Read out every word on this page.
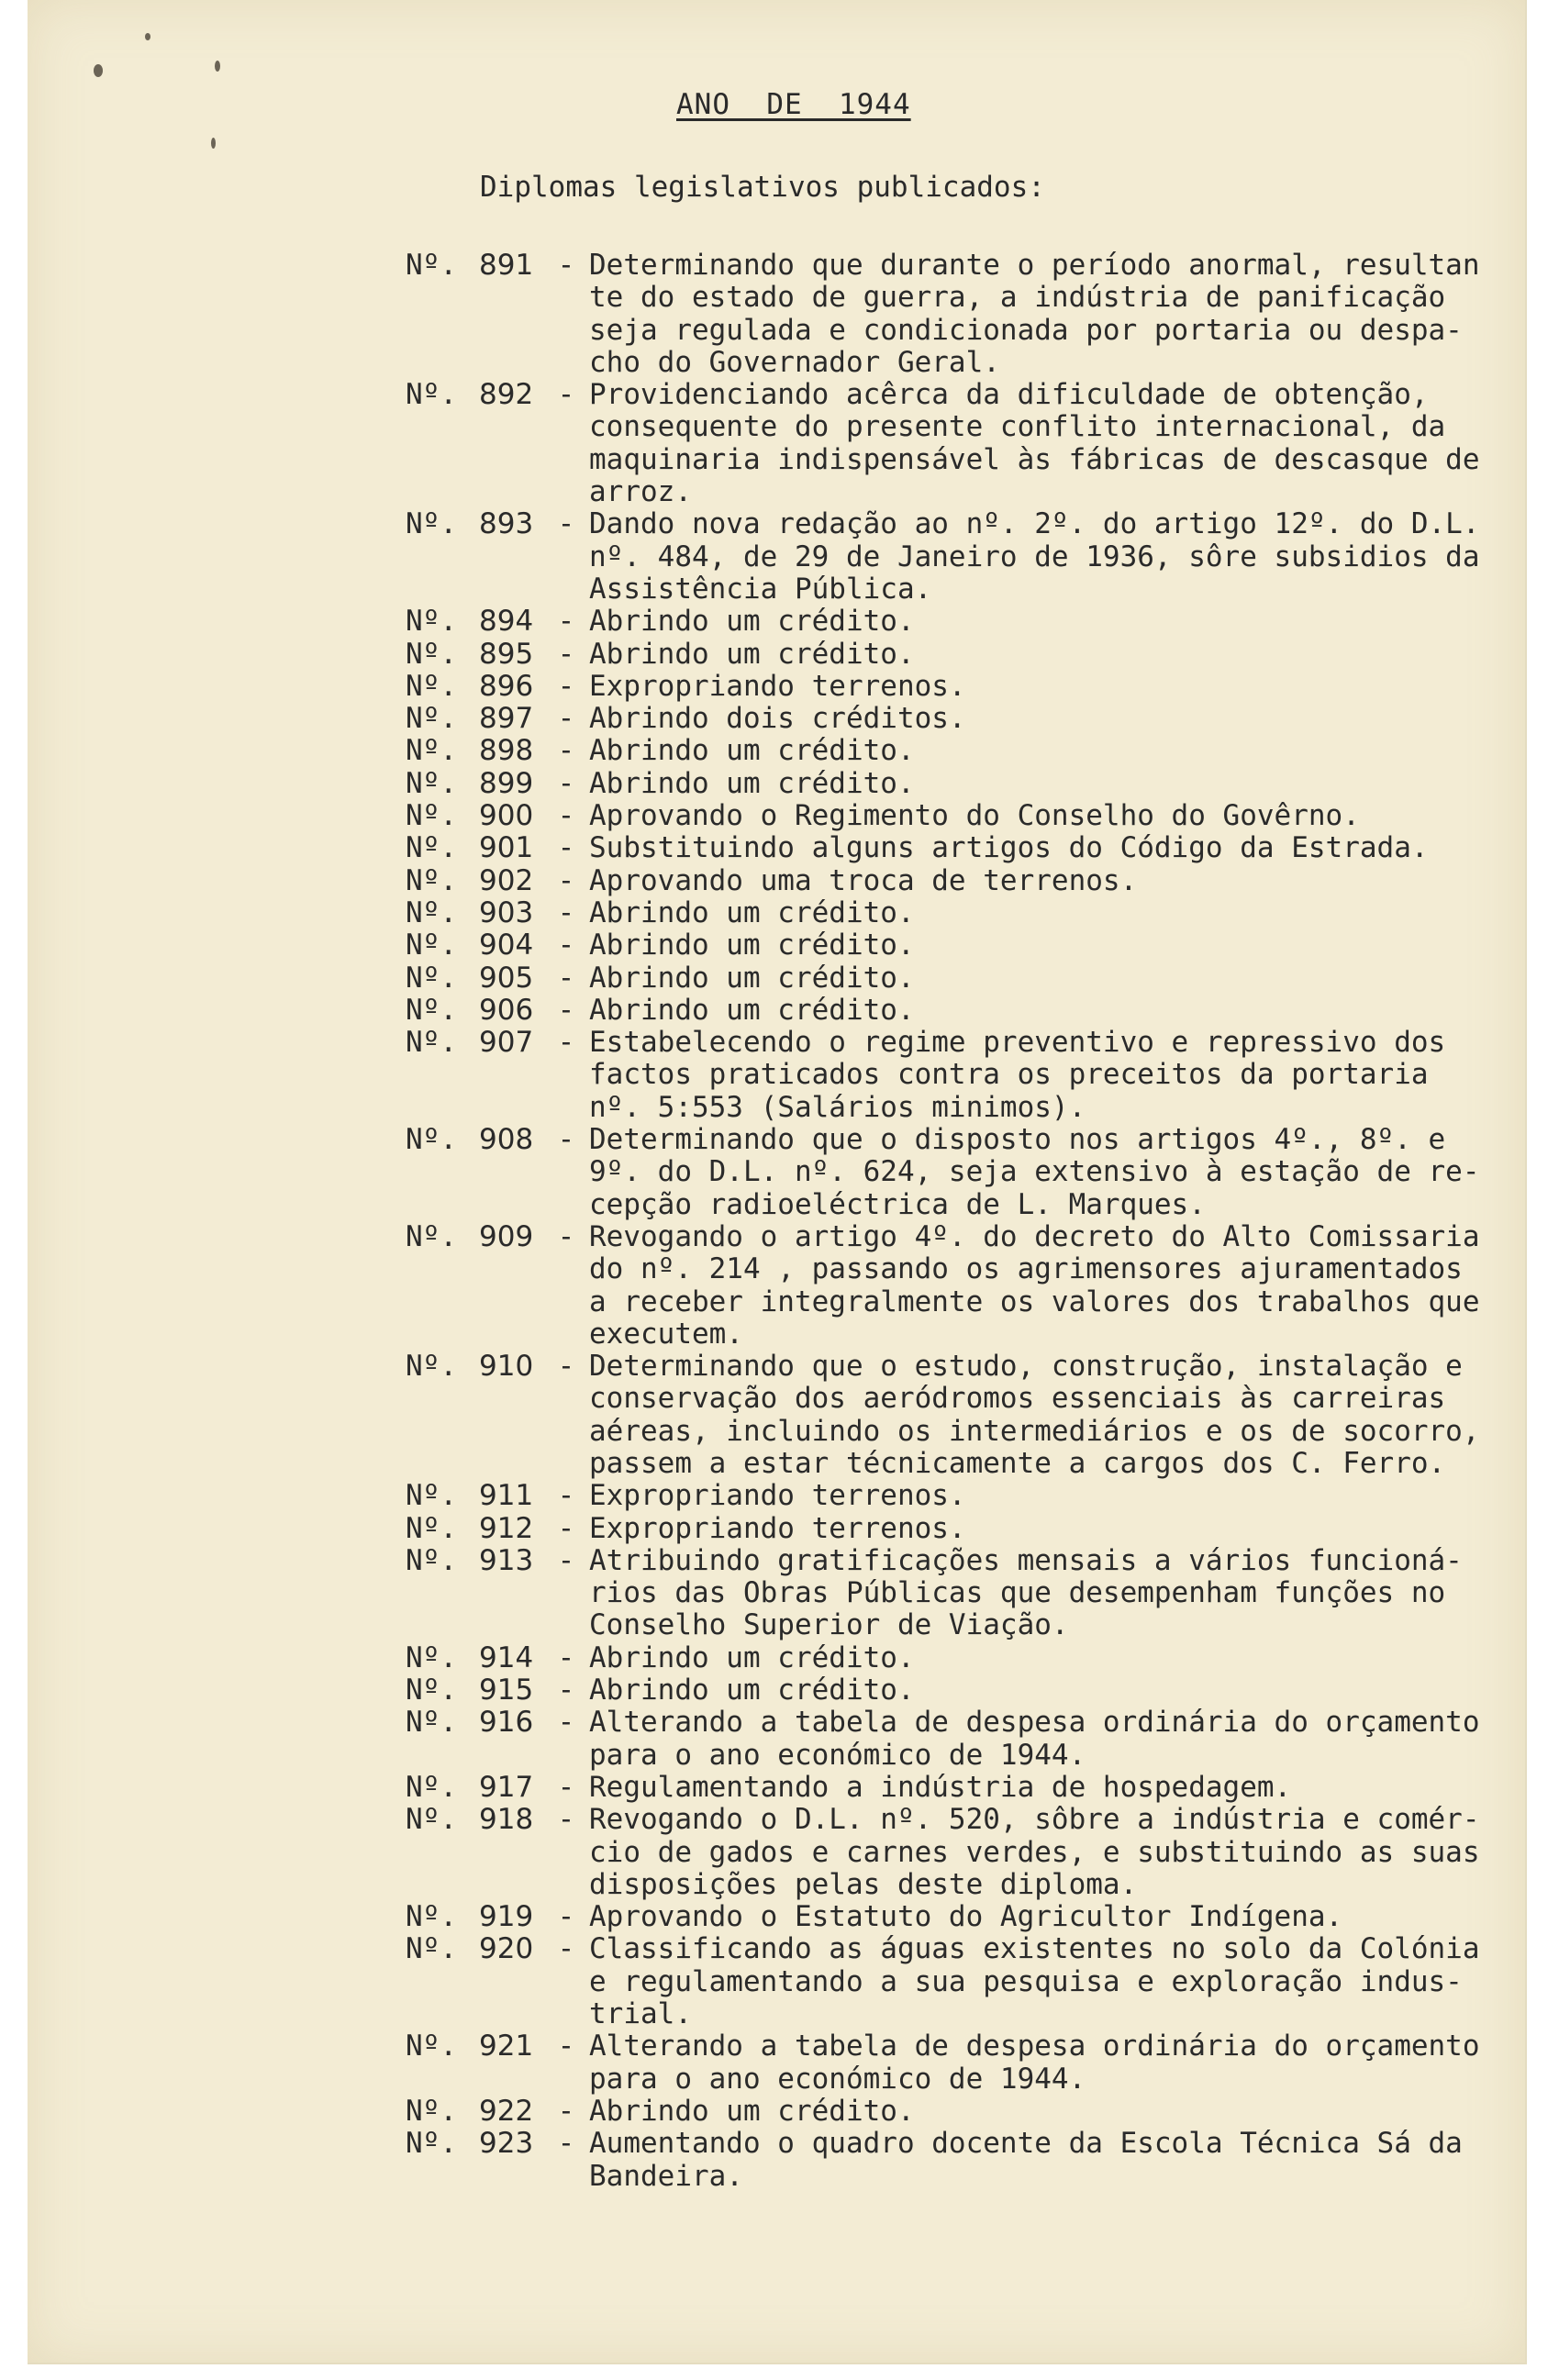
ANO  DE  1944
Diplomas legislativos publicados:
Nº. 891 - Determinando que durante o período anormal, resultan
te do estado de guerra, a indústria de panificação
seja regulada e condicionada por portaria ou despa-
cho do Governador Geral.
Nº. 892 - Providenciando acêrca da dificuldade de obtenção,
consequente do presente conflito internacional, da
maquinaria indispensável às fábricas de descasque de
arroz.
Nº. 893 - Dando nova redação ao nº. 2º. do artigo 12º. do D.L.
nº. 484, de 29 de Janeiro de 1936, sôre subsidios da
Assistência Pública.
Nº. 894 - Abrindo um crédito.
Nº. 895 - Abrindo um crédito.
Nº. 896 - Expropriando terrenos.
Nº. 897 - Abrindo dois créditos.
Nº. 898 - Abrindo um crédito.
Nº. 899 - Abrindo um crédito.
Nº. 900 - Aprovando o Regimento do Conselho do Govêrno.
Nº. 901 - Substituindo alguns artigos do Código da Estrada.
Nº. 902 - Aprovando uma troca de terrenos.
Nº. 903 - Abrindo um crédito.
Nº. 904 - Abrindo um crédito.
Nº. 905 - Abrindo um crédito.
Nº. 906 - Abrindo um crédito.
Nº. 907 - Estabelecendo o regime preventivo e repressivo dos
factos praticados contra os preceitos da portaria
nº. 5:553 (Salários minimos).
Nº. 908 - Determinando que o disposto nos artigos 4º., 8º. e
9º. do D.L. nº. 624, seja extensivo à estação de re-
cepção radioeléctrica de L. Marques.
Nº. 909 - Revogando o artigo 4º. do decreto do Alto Comissaria
do nº. 214 , passando os agrimensores ajuramentados
a receber integralmente os valores dos trabalhos que
executem.
Nº. 910 - Determinando que o estudo, construção, instalação e
conservação dos aeródromos essenciais às carreiras
aéreas, incluindo os intermediários e os de socorro,
passem a estar técnicamente a cargos dos C. Ferro.
Nº. 911 - Expropriando terrenos.
Nº. 912 - Expropriando terrenos.
Nº. 913 - Atribuindo gratificações mensais a vários funcioná-
rios das Obras Públicas que desempenham funções no
Conselho Superior de Viação.
Nº. 914 - Abrindo um crédito.
Nº. 915 - Abrindo um crédito.
Nº. 916 - Alterando a tabela de despesa ordinária do orçamento
para o ano económico de 1944.
Nº. 917 - Regulamentando a indústria de hospedagem.
Nº. 918 - Revogando o D.L. nº. 520, sôbre a indústria e comér-
cio de gados e carnes verdes, e substituindo as suas
disposições pelas deste diploma.
Nº. 919 - Aprovando o Estatuto do Agricultor Indígena.
Nº. 920 - Classificando as águas existentes no solo da Colónia
e regulamentando a sua pesquisa e exploração indus-
trial.
Nº. 921 - Alterando a tabela de despesa ordinária do orçamento
para o ano económico de 1944.
Nº. 922 - Abrindo um crédito.
Nº. 923 - Aumentando o quadro docente da Escola Técnica Sá da
Bandeira.
